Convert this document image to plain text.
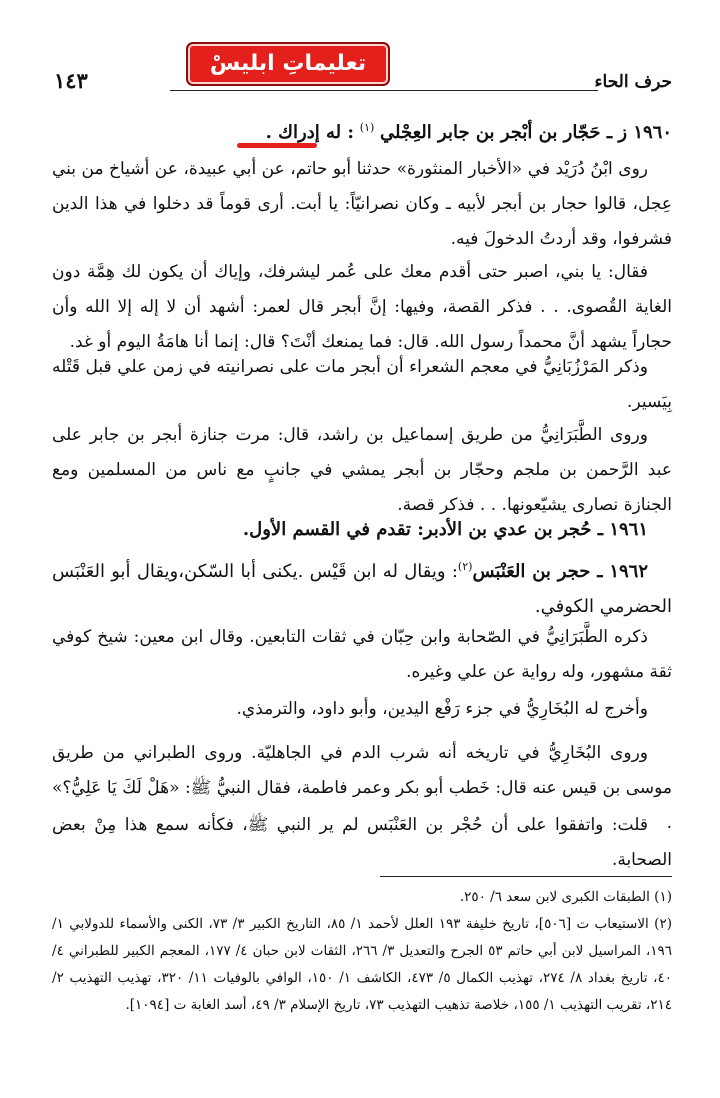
حرف الحاء
١٤٣
تعليماتِ ابليسْ

١٩٦٠ ز ـ حَجّار بن أبْجر بن جابر العِجْلي $^{(١)}$ : له إدراك .

روى ابْنُ دُرَيْد في «الأخبار المنثورة» حدثنا أبو حاتم، عن أبي عبيدة، عن أشياخ من بني عِجل، قالوا حجار بن أبجر لأبيه ـ وكان نصرانيّاً: يا أبت. أرى قوماً قد دخلوا في هذا الدين فشرفوا، وقد أردتُ الدخولَ فيه.

فقال: يا بني، اصبر حتى أقدم معك على عُمر ليشرفك، وإياك أن يكون لك هِمَّة دون الغاية القُصوى. . . فذكر القصة، وفيها: إنَّ أبجر قال لعمر: أشهد أن لا إله إلا الله وأن حجاراً يشهد أنَّ محمداً رسول الله. قال: فما يمنعك أنْتَ؟ قال: إنما أنا هامَةُ اليوم أو غد.

وذكر المَرْزُبَانِيُّ في معجم الشعراء أن أبجر مات على نصرانيته في زمن علي قبل قَتْله بِيَسير.

وروى الطَّبَرَانِيُّ من طريق إسماعيل بن راشد، قال: مرت جنازة أبجر بن جابر على عبد الرَّحمن بن ملجم وحجّار بن أبجر يمشي في جانبٍ مع ناس من المسلمين ومع الجنازة نصارى يشيّعونها. . . فذكر قصة.

١٩٦١ ـ حُجر بن عدي بن الأدبر: تقدم في القسم الأول.

١٩٦٢ ـ حجر بن العَنْبَس$^{(٢)}$: ويقال له ابن قَيْس .يكنى أبا السّكن،ويقال أبو العَنْبَس الحضرمي الكوفي.

ذكره الطَّبَرَانِيُّ في الصّحابة وابن حِبّان في ثقات التابعين. وقال ابن معين: شيخ كوفي ثقة مشهور، وله رواية عن علي وغيره.

وأخرج له البُخَارِيُّ في جزء رَفْع اليدين، وأبو داود، والترمذي.

وروى البُخَارِيُّ في تاريخه أنه شرب الدم في الجاهليّة. وروى الطبراني من طريق موسى بن قيس عنه قال: خَطب أبو بكر وعمر فاطمة، فقال النبيُّ ﷺ: «هَلْ لَكَ يَا عَلِيُّ؟» .

قلت: واتفقوا على أن حُجْر بن العَنْبَس لم ير النبي ﷺ، فكأنه سمع هذا مِنْ بعض الصحابة.

(١) الطبقات الكبرى لابن سعد ٦/ ٢٥٠.

(٢) الاستيعاب ت [٥٠٦]، تاريخ خليفة ١٩٣ العلل لأحمد ١/ ٨٥، التاريخ الكبير ٣/ ٧٣، الكنى والأسماء للدولابي ١/ ١٩٦، المراسيل لابن أبي حاتم ٥٣ الجرح والتعديل ٣/ ٢٦٦، الثقات لابن حبان ٤/ ١٧٧، المعجم الكبير للطبراني ٤/ ٤٠، تاريخ بغداد ٨/ ٢٧٤، تهذيب الكمال ٥/ ٤٧٣، الكاشف ١/ ١٥٠، الوافي بالوفيات ١١/ ٣٢٠، تهذيب التهذيب ٢/ ٢١٤، تقريب التهذيب ١/ ١٥٥، خلاصة تذهيب التهذيب ٧٣، تاريخ الإسلام ٣/ ٤٩، أسد الغابة ت [١٠٩٤].
